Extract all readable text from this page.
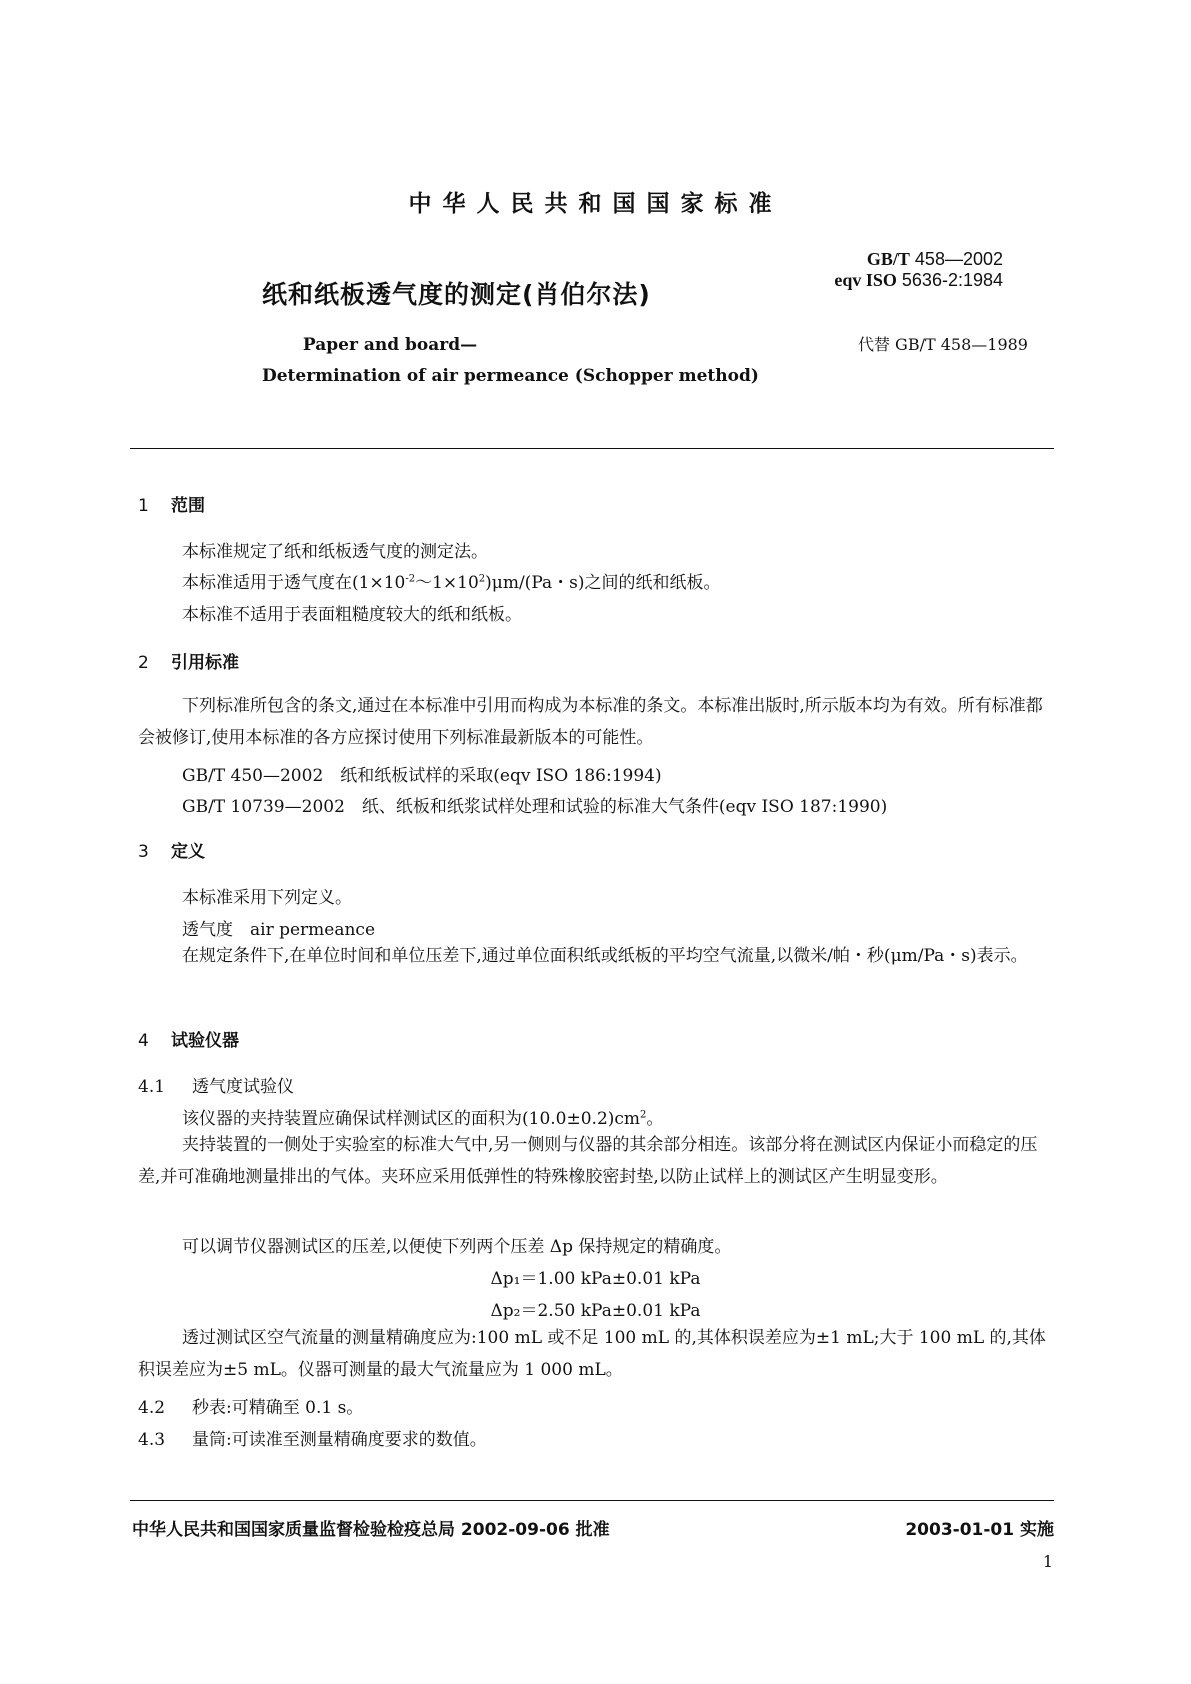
中华人民共和国国家标准
纸和纸板透气度的测定(肖伯尔法)
GB/T 458—2002
eqv ISO 5636-2:1984
代替 GB/T 458—1989
Paper and board—
Determination of air permeance (Schopper method)
1 范围
本标准规定了纸和纸板透气度的测定法。
本标准适用于透气度在$(1\times 10^{-2}\sim 1\times 10^2)\mu m/(Pa$・s)之间的纸和纸板。
本标准不适用于表面粗糙度较大的纸和纸板。
2 引用标准

下列标准所包含的条文,通过在本标准中引用而构成为本标准的条文。本标准出版时,所示版本均为有效。所有标准都会被修订,使用本标准的各方应探讨使用下列标准最新版本的可能性。

GB/T 450—2002　纸和纸板试样的采取(eqv ISO 186:1994)
GB/T 10739—2002　纸、纸板和纸浆试样处理和试验的标准大气条件(eqv ISO 187:1990)
3 定义
本标准采用下列定义。
透气度　air permeance

在规定条件下,在单位时间和单位压差下,通过单位面积纸或纸板的平均空气流量,以微米/帕・秒(μm/Pa・s)表示。

4 试验仪器
4.1 透气度试验仪
该仪器的夹持装置应确保试样测试区的面积为$(10.0\pm 0.2)cm^2$。

夹持装置的一侧处于实验室的标准大气中,另一侧则与仪器的其余部分相连。该部分将在测试区内保证小而稳定的压差,并可准确地测量排出的气体。夹环应采用低弹性的特殊橡胶密封垫,以防止试样上的测试区产生明显变形。

可以调节仪器测试区的压差,以便使下列两个压差 Δp 保持规定的精确度。
Δp₁＝1.00 kPa±0.01 kPa
Δp₂＝2.50 kPa±0.01 kPa

透过测试区空气流量的测量精确度应为:100 mL 或不足 100 mL 的,其体积误差应为±1 mL;大于 100 mL 的,其体积误差应为±5 mL。仪器可测量的最大气流量应为 1 000 mL。

4.2 秒表:可精确至 0.1 s。
4.3 量筒:可读准至测量精确度要求的数值。
中华人民共和国国家质量监督检验检疫总局 2002-09-06 批准	2003-01-01 实施
1
